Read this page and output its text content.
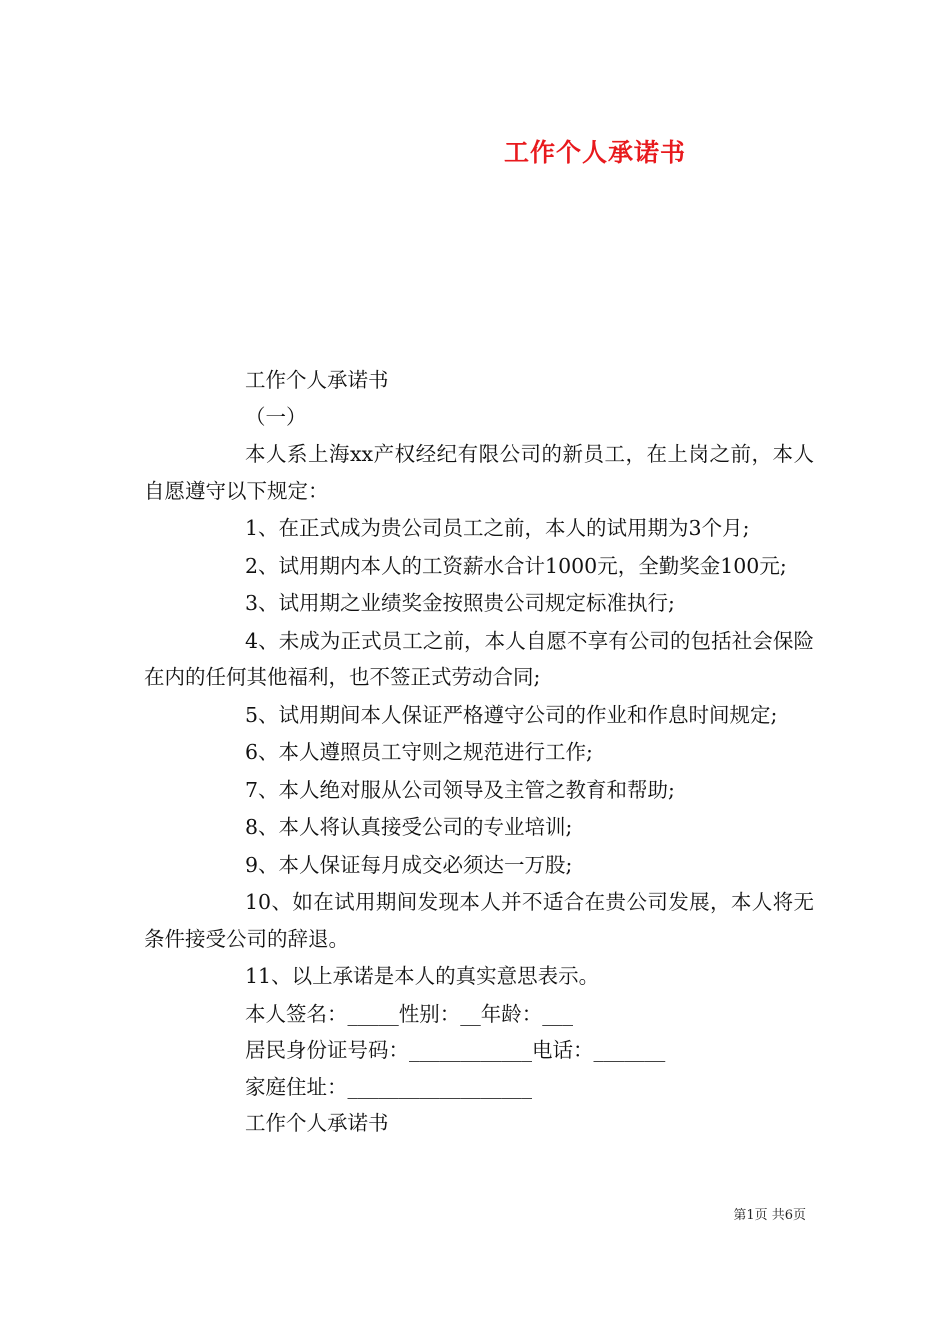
工作个人承诺书
工作个人承诺书
（一）
本人系上海xx产权经纪有限公司的新员工，在上岗之前，本人自愿遵守以下规定：
1、在正式成为贵公司员工之前，本人的试用期为3个月;
2、试用期内本人的工资薪水合计1000元，全勤奖金100元;
3、试用期之业绩奖金按照贵公司规定标准执行;
4、未成为正式员工之前，本人自愿不享有公司的包括社会保险在内的任何其他福利，也不签正式劳动合同;
5、试用期间本人保证严格遵守公司的作业和作息时间规定;
6、本人遵照员工守则之规范进行工作;
7、本人绝对服从公司领导及主管之教育和帮助;
8、本人将认真接受公司的专业培训;
9、本人保证每月成交必须达一万股;
10、如在试用期间发现本人并不适合在贵公司发展，本人将无条件接受公司的辞退。
11、以上承诺是本人的真实意思表示。
本人签名：_____性别：__年龄：___
居民身份证号码：____________电话：_______
家庭住址：__________________
工作个人承诺书
第1页 共6页
